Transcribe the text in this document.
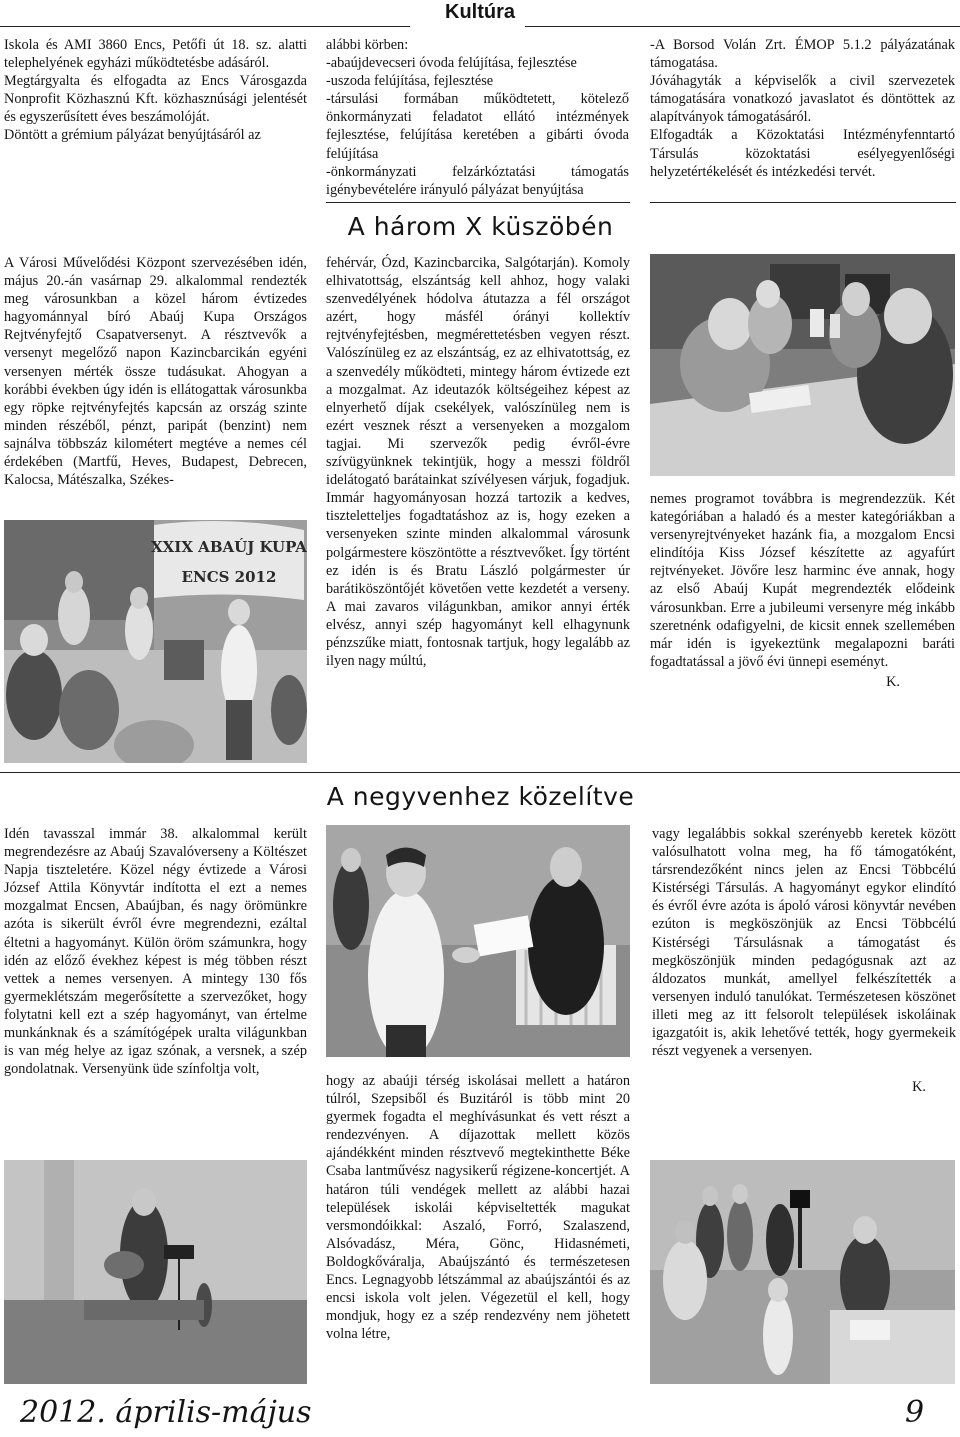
Kultúra

Iskola és AMI 3860 Encs, Petőfi út 18. sz. alatti telephelyének egyházi működtetésbe adásáról.

Megtárgyalta és elfogadta az Encs Városgazda Nonprofit Közhasznú Kft. közhasznúsági jelentését és egyszerűsített éves beszámolóját.

Döntött a grémium pályázat benyújtásáról az

alábbi körben:

-abaújdevecseri óvoda felújítása, fejlesztése

-uszoda felújítása, fejlesztése

-társulási formában működtetett, kötelező önkormányzati feladatot ellátó intézmények fejlesztése, felújítása keretében a gibárti óvoda felújítása

-önkormányzati felzárkóztatási támogatás igénybevételére irányuló pályázat benyújtása

-A Borsod Volán Zrt. ÉMOP 5.1.2 pályázatának támogatása.

Jóváhagyták a képviselők a civil szervezetek támogatására vonatkozó javaslatot és döntöttek az alapítványok támogatásáról.

Elfogadták a Közoktatási Intézményfenntartó Társulás közoktatási esélyegyenlőségi helyzetértékelését és intézkedési tervét.

A három X küszöbén

A Városi Művelődési Központ szervezésében idén, május 20.-án vasárnap 29. alkalommal rendezték meg városunkban a közel három évtizedes hagyománnyal bíró Abaúj Kupa Országos Rejtvényfejtő Csapatversenyt. A résztvevők a versenyt megelőző napon Kazincbarcikán egyéni versenyen mérték össze tudásukat. Ahogyan a korábbi években úgy idén is ellátogattak városunkba egy röpke rejtvényfejtés kapcsán az ország szinte minden részéből, pénzt, paripát (benzint) nem sajnálva többszáz kilométert megtéve a nemes cél érdekében (Martfű, Heves, Budapest, Debrecen, Kalocsa, Mátészalka, Székes-

fehérvár, Ózd, Kazincbarcika, Salgótarján). Komoly elhivatottság, elszántság kell ahhoz, hogy valaki szenvedélyének hódolva átutazza a fél országot azért, hogy másfél órányi kollektív rejtvényfejtésben, megmérettetésben vegyen részt. Valószínüleg ez az elszántság, ez az elhivatottság, ez a szenvedély működteti, mintegy három évtizede ezt a mozgalmat. Az ideutazók költségeihez képest az elnyerhető díjak csekélyek, valószínüleg nem is ezért vesznek részt a versenyeken a mozgalom tagjai. Mi szervezők pedig évről-évre szívügyünknek tekintjük, hogy a messzi földről idelátogató barátainkat szívélyesen várjuk, fogadjuk. Immár hagyományosan hozzá tartozik a kedves, tiszteletteljes fogadtatáshoz az is, hogy ezeken a versenyeken szinte minden alkalommal városunk polgármestere köszöntötte a résztvevőket. Így történt ez idén is és Bratu László polgármester úr barátiköszöntőjét követően vette kezdetét a verseny. A mai zavaros világunkban, amikor annyi érték elvész, annyi szép hagyományt kell elhagynunk pénzszűke miatt, fontosnak tartjuk, hogy legalább az ilyen nagy múltú,

nemes programot továbbra is megrendezzük. Két kategóriában a haladó és a mester kategóriákban a versenyrejtvényeket hazánk fia, a mozgalom Encsi elindítója Kiss József készítette az agyafúrt rejtvényeket. Jövőre lesz harminc éve annak, hogy az első Abaúj Kupát megrendezték elődeink városunkban. Erre a jubileumi versenyre még inkább szeretnénk odafigyelni, de kicsit ennek szellemében már idén is igyekeztünk megalapozni baráti fogadtatással a jövő évi ünnepi eseményt.

K.

XXIX ABAÚJ KUPA
ENCS 2012
A negyvenhez közelítve

Idén tavasszal immár 38. alkalommal került megrendezésre az Abaúj Szavalóverseny a Költészet Napja tiszteletére. Közel négy évtizede a Városi József Attila Könyvtár indította el ezt a nemes mozgalmat Encsen, Abaújban, és nagy örömünkre azóta is sikerült évről évre megrendezni, ezáltal éltetni a hagyományt. Külön öröm számunkra, hogy idén az előző évekhez képest is még többen részt vettek a nemes versenyen. A mintegy 130 fős gyermeklétszám megerősítette a szervezőket, hogy folytatni kell ezt a szép hagyományt, van értelme munkánknak és a számítógépek uralta világunkban is van még helye az igaz szónak, a versnek, a szép gondolatnak. Versenyünk üde színfoltja volt,

hogy az abaúji térség iskolásai mellett a határon túlról, Szepsiből és Buzitáról is több mint 20 gyermek fogadta el meghívásunkat és vett részt a rendezvényen. A díjazottak mellett közös ajándékként minden résztvevő megtekinthette Béke Csaba lantművész nagysikerű régizene-koncertjét. A határon túli vendégek mellett az alábbi hazai települések iskolái képviseltették magukat versmondóikkal: Aszaló, Forró, Szalaszend, Alsóvadász, Méra, Gönc, Hidasnémeti, Boldogkőváralja, Abaújszántó és természetesen Encs. Legnagyobb létszámmal az abaújszántói és az encsi iskola volt jelen. Végezetül el kell, hogy mondjuk, hogy ez a szép rendezvény nem jöhetett volna létre,

vagy legalábbis sokkal szerényebb keretek között valósulhatott volna meg, ha fő támogatóként, társrendezőként nincs jelen az Encsi Többcélú Kistérségi Társulás. A hagyományt egykor elindító és évről évre azóta is ápoló városi könyvtár nevében ezúton is megköszönjük az Encsi Többcélú Kistérségi Társulásnak a támogatást és megköszönjük minden pedagógusnak azt az áldozatos munkát, amellyel felkészítették a versenyen induló tanulókat. Természetesen köszönet illeti meg az itt felsorolt települések iskoláinak igazgatóit is, akik lehetővé tették, hogy gyermekeik részt vegyenek a versenyen.

K.

2012. április-május	9
